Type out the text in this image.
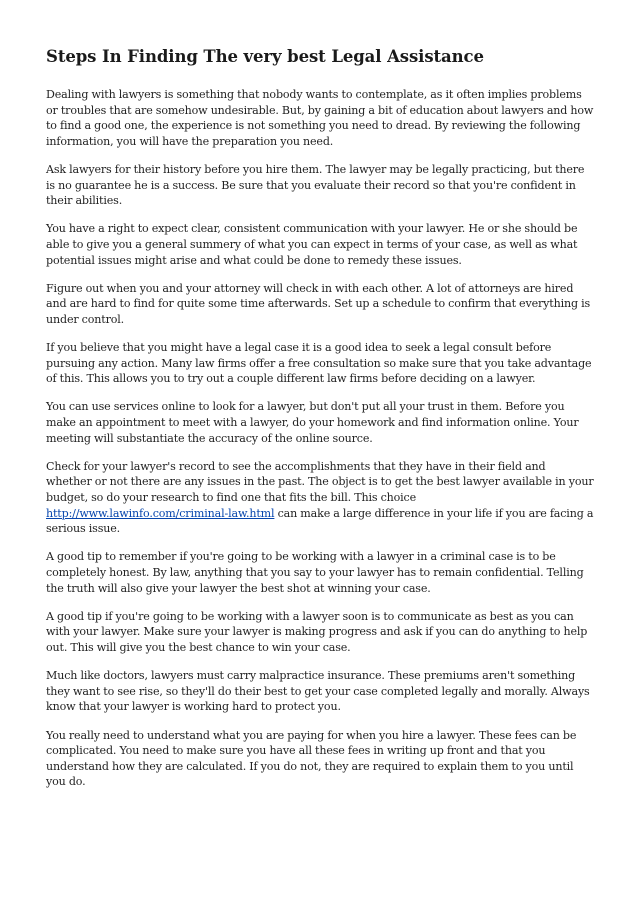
Steps In Finding The very best Legal Assistance

Dealing with lawyers is something that nobody wants to contemplate, as it often implies problems or troubles that are somehow undesirable. But, by gaining a bit of education about lawyers and how to find a good one, the experience is not something you need to dread. By reviewing the following information, you will have the preparation you need.

Ask lawyers for their history before you hire them. The lawyer may be legally practicing, but there is no guarantee he is a success. Be sure that you evaluate their record so that you're confident in their abilities.

You have a right to expect clear, consistent communication with your lawyer. He or she should be able to give you a general summery of what you can expect in terms of your case, as well as what potential issues might arise and what could be done to remedy these issues.

Figure out when you and your attorney will check in with each other. A lot of attorneys are hired and are hard to find for quite some time afterwards. Set up a schedule to confirm that everything is under control.

If you believe that you might have a legal case it is a good idea to seek a legal consult before pursuing any action. Many law firms offer a free consultation so make sure that you take advantage of this. This allows you to try out a couple different law firms before deciding on a lawyer.

You can use services online to look for a lawyer, but don't put all your trust in them. Before you make an appointment to meet with a lawyer, do your homework and find information online. Your meeting will substantiate the accuracy of the online source.

Check for your lawyer's record to see the accomplishments that they have in their field and whether or not there are any issues in the past. The object is to get the best lawyer available in your budget, so do your research to find one that fits the bill. This choice http://www.lawinfo.com/criminal-law.html can make a large difference in your life if you are facing a serious issue.

A good tip to remember if you're going to be working with a lawyer in a criminal case is to be completely honest. By law, anything that you say to your lawyer has to remain confidential. Telling the truth will also give your lawyer the best shot at winning your case.

A good tip if you're going to be working with a lawyer soon is to communicate as best as you can with your lawyer. Make sure your lawyer is making progress and ask if you can do anything to help out. This will give you the best chance to win your case.

Much like doctors, lawyers must carry malpractice insurance. These premiums aren't something they want to see rise, so they'll do their best to get your case completed legally and morally. Always know that your lawyer is working hard to protect you.

You really need to understand what you are paying for when you hire a lawyer. These fees can be complicated. You need to make sure you have all these fees in writing up front and that you understand how they are calculated. If you do not, they are required to explain them to you until you do.
